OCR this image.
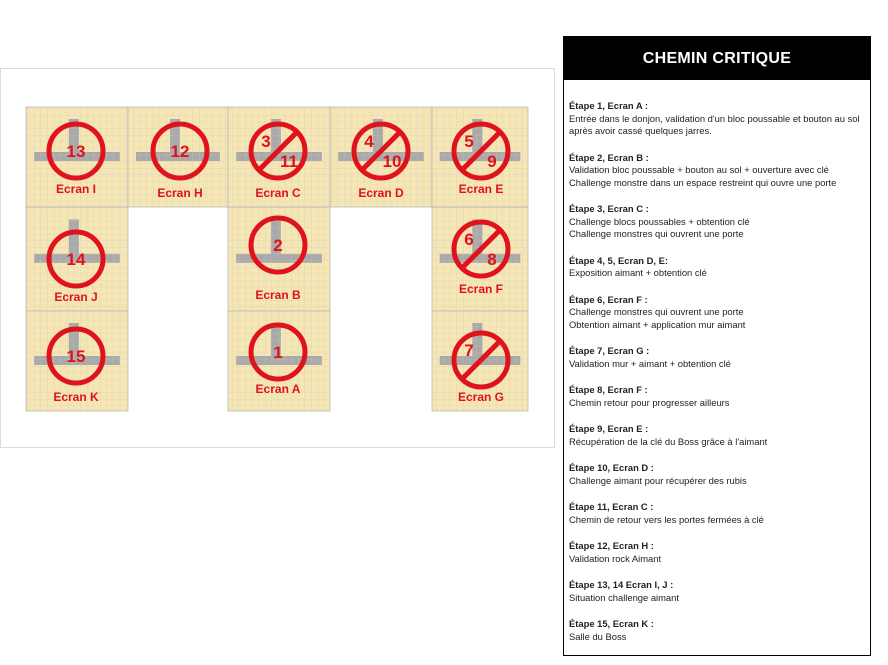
13
Ecran I
12
Ecran H
3
11
Ecran C
4
10
Ecran D
5
9
Ecran E
14
Ecran J
2
Ecran B
6
8
Ecran F
15
Ecran K
1
Ecran A
7
Ecran G
CHEMIN CRITIQUE
Étape 1, Ecran A :
Entrée dans le donjon, validation d'un bloc poussable et bouton au sol après avoir cassé quelques jarres.
Étape 2, Ecran B :
Validation bloc poussable + bouton au sol + ouverture avec clé
Challenge monstre dans un espace restreint qui ouvre une porte
Étape 3, Ecran C :
Challenge blocs poussables + obtention clé
Challenge monstres qui ouvrent une porte
Étape 4, 5, Ecran D, E:
Exposition aimant + obtention clé
Étape 6, Ecran F :
Challenge monstres qui ouvrent une porte
Obtention aimant + application mur aimant
Étape 7, Ecran G :
Validation mur + aimant + obtention clé
Étape 8, Ecran F :
Chemin retour pour progresser ailleurs
Étape 9, Ecran E :
Récupération de la clé du Boss grâce à l'aimant
Étape 10, Ecran D :
Challenge aimant pour récupérer des rubis
Étape 11, Ecran C :
Chemin de retour vers les portes fermées à clé
Étape 12, Ecran H :
Validation rock Aimant
Étape 13, 14 Ecran I, J :
Situation challenge aimant
Étape 15, Ecran K :
Salle du Boss
